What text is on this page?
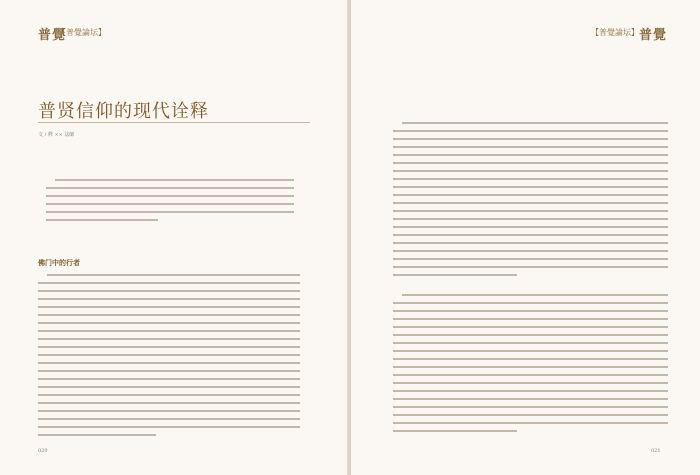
普覺
【普覺論坛】
普贤信仰的现代诠释
文 / 釋 ×× 法師
佛门中的行者
020
【普覺論坛】 普覺
021
